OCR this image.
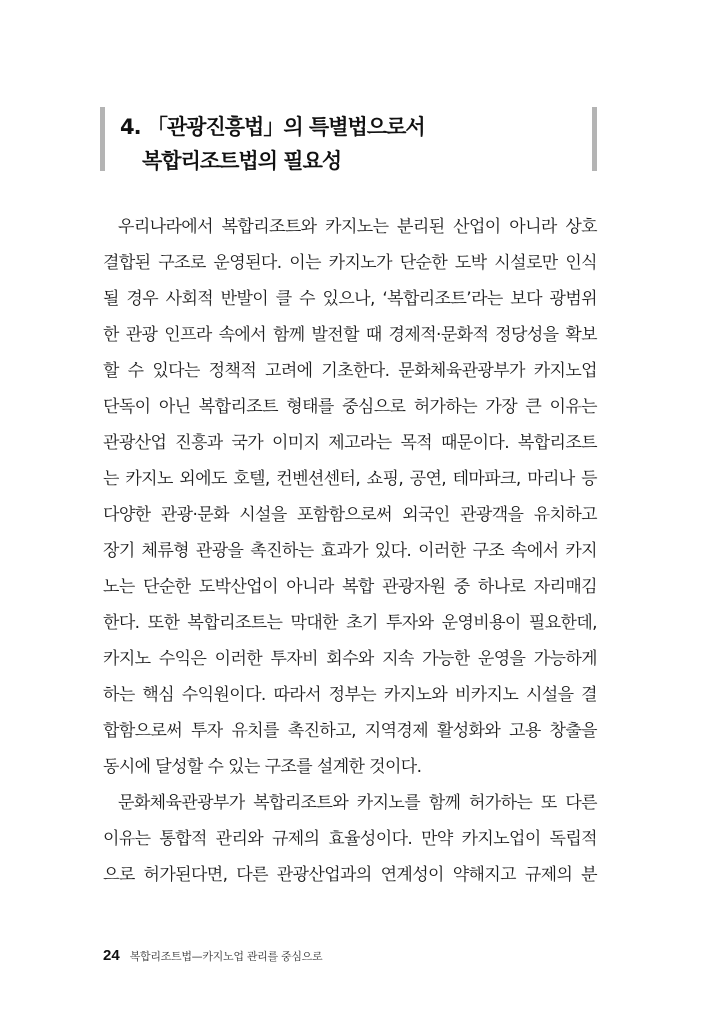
4. 「관광진흥법」의 특별법으로서
복합리조트법의 필요성
우리나라에서 복합리조트와 카지노는 분리된 산업이 아니라 상호
결합된 구조로 운영된다. 이는 카지노가 단순한 도박 시설로만 인식
될 경우 사회적 반발이 클 수 있으나, ‘복합리조트’라는 보다 광범위
한 관광 인프라 속에서 함께 발전할 때 경제적·문화적 정당성을 확보
할 수 있다는 정책적 고려에 기초한다. 문화체육관광부가 카지노업
단독이 아닌 복합리조트 형태를 중심으로 허가하는 가장 큰 이유는
관광산업 진흥과 국가 이미지 제고라는 목적 때문이다. 복합리조트
는 카지노 외에도 호텔, 컨벤션센터, 쇼핑, 공연, 테마파크, 마리나 등
다양한 관광·문화 시설을 포함함으로써 외국인 관광객을 유치하고
장기 체류형 관광을 촉진하는 효과가 있다. 이러한 구조 속에서 카지
노는 단순한 도박산업이 아니라 복합 관광자원 중 하나로 자리매김
한다. 또한 복합리조트는 막대한 초기 투자와 운영비용이 필요한데,
카지노 수익은 이러한 투자비 회수와 지속 가능한 운영을 가능하게
하는 핵심 수익원이다. 따라서 정부는 카지노와 비카지노 시설을 결
합함으로써 투자 유치를 촉진하고, 지역경제 활성화와 고용 창출을
동시에 달성할 수 있는 구조를 설계한 것이다.
문화체육관광부가 복합리조트와 카지노를 함께 허가하는 또 다른
이유는 통합적 관리와 규제의 효율성이다. 만약 카지노업이 독립적
으로 허가된다면, 다른 관광산업과의 연계성이 약해지고 규제의 분
24 복합리조트법—카지노업 관리를 중심으로
